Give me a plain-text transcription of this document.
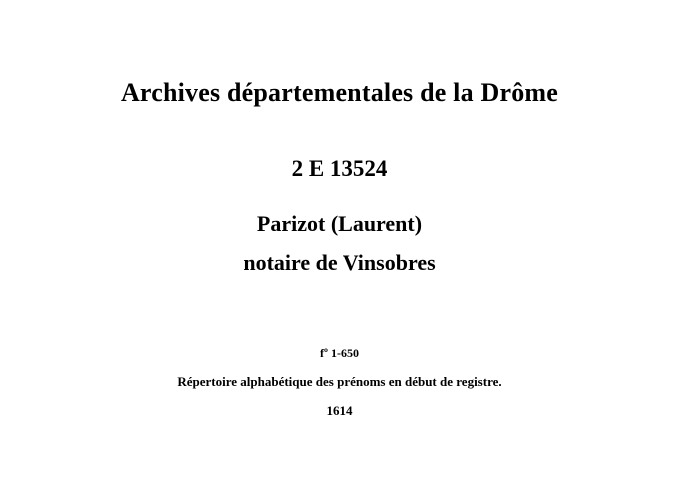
Archives départementales de la Drôme
2 E 13524
Parizot (Laurent)
notaire de Vinsobres
fº 1-650
Répertoire alphabétique des prénoms en début de registre.
1614
